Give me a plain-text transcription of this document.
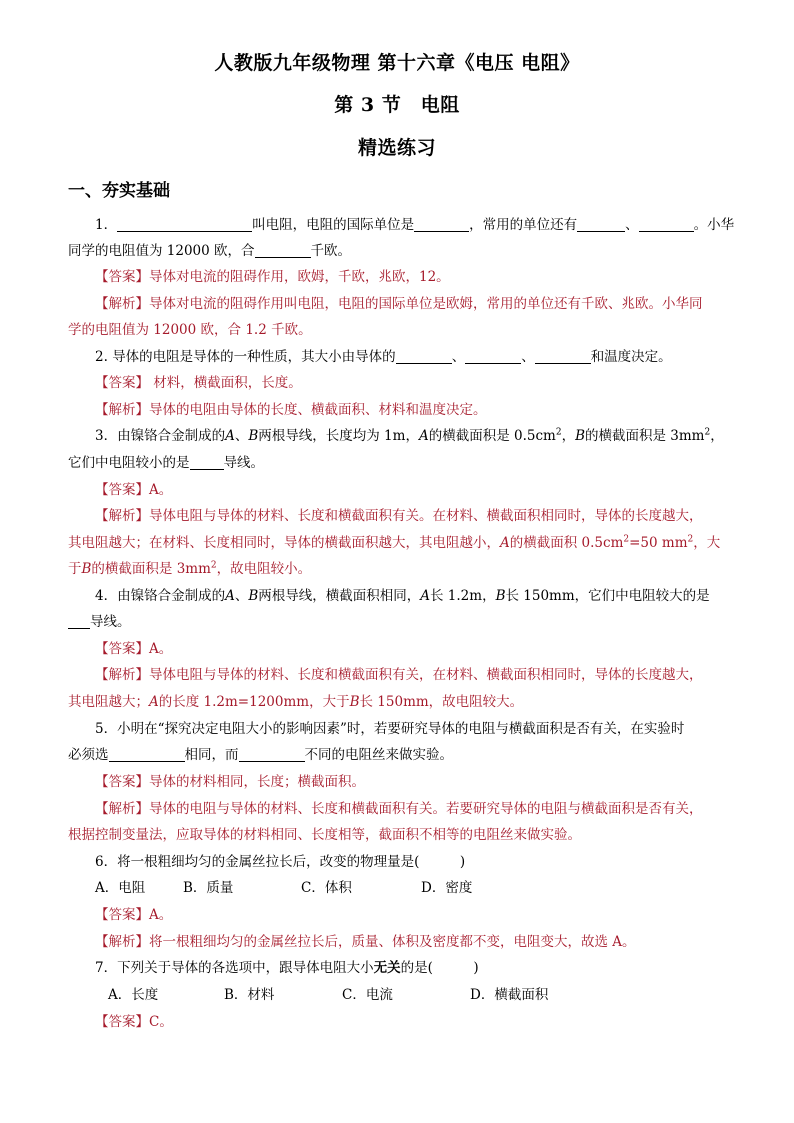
人教版九年级物理 第十六章《电压 电阻》
第 3 节　电阻
精选练习
一、夯实基础
1．	叫电阻，电阻的国际单位是	，常用的单位还有	、	。小华
同学的电阻值为 12000 欧，合	千欧。
【答案】导体对电流的阻碍作用，欧姆，千欧，兆欧，12。
【解析】导体对电流的阻碍作用叫电阻，电阻的国际单位是欧姆，常用的单位还有千欧、兆欧。小华同
学的电阻值为 12000 欧，合 1.2 千欧。
2. 导体的电阻是导体的一种性质，其大小由导体的	、	、	和温度决定。
【答案】 材料，横截面积，长度。
【解析】导体的电阻由导体的长度、横截面积、材料和温度决定。
3．由镍铬合金制成的A、B两根导线，长度均为 1m，A的横截面积是 $0.5cm^2$，B的横截面积是 $3mm^2$，
它们中电阻较小的是	导线。
【答案】A。
【解析】导体电阻与导体的材料、长度和横截面积有关。在材料、横截面积相同时，导体的长度越大，
其电阻越大；在材料、长度相同时，导体的横截面积越大，其电阻越小，A的横截面积 $0.5cm^2=50$ $mm^2$，大
于B的横截面积是 $3mm^2$，故电阻较小。
4．由镍铬合金制成的A、B两根导线，横截面积相同，A长 1.2m，B长 150mm，它们中电阻较大的是
导线。
【答案】A。
【解析】导体电阻与导体的材料、长度和横截面积有关，在材料、横截面积相同时，导体的长度越大，
其电阻越大；A的长度 1.2m=1200mm，大于B长 150mm，故电阻较大。
5．小明在“探究决定电阻大小的影响因素”时，若要研究导体的电阻与横截面积是否有关，在实验时
必须选	相同，而	不同的电阻丝来做实验。
【答案】导体的材料相同，长度；横截面积。
【解析】导体的电阻与导体的材料、长度和横截面积有关。若要研究导体的电阻与横截面积是否有关，
根据控制变量法，应取导体的材料相同、长度相等，截面积不相等的电阻丝来做实验。
6．将一根粗细均匀的金属丝拉长后，改变的物理量是(　　　)
A．电阻	B．质量	C．体积	D．密度
【答案】A。
【解析】将一根粗细均匀的金属丝拉长后，质量、体积及密度都不变，电阻变大，故选 A。
7．下列关于导体的各选项中，跟导体电阻大小无关的是(　　　)
A．长度	B．材料	C．电流	D．横截面积
【答案】C。
